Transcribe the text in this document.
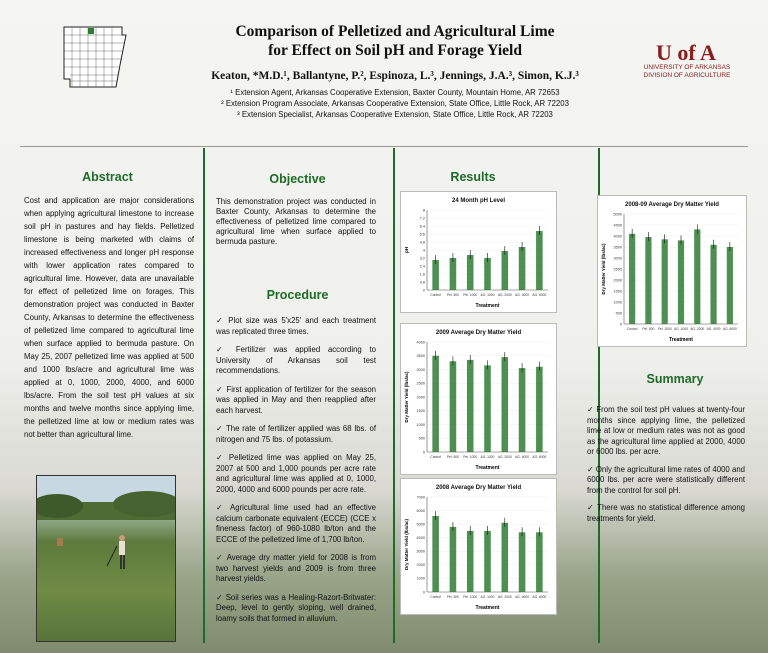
Comparison of Pelletized and Agricultural Lime
for Effect on Soil pH and Forage Yield
Keaton, *M.D.¹, Ballantyne, P.², Espinoza, L.³, Jennings, J.A.³, Simon, K.J.³
¹ Extension Agent, Arkansas Cooperative Extension, Baxter County, Mountain Home, AR 72653
² Extension Program Associate, Arkansas Cooperative Extension, State Office, Little Rock, AR 72203
³ Extension Specialist, Arkansas Cooperative Extension, State Office, Little Rock, AR 72203
U of A
UNIVERSITY OF ARKANSAS
DIVISION OF AGRICULTURE
Abstract
Cost and application are major considerations when applying agricultural limestone to increase soil pH in pastures and hay fields. Pelletized limestone is being marketed with claims of increased effectiveness and longer pH response with lower application rates compared to agricultural lime. However, data are unavailable for effect of pelletized lime on forages. This demonstration project was conducted in Baxter County, Arkansas to determine the effectiveness of pelletized lime compared to agricultural lime when surface applied to bermuda pasture. On May 25, 2007 pelletized lime was applied at 500 and 1000 lbs/acre and agricultural lime was applied at 0, 1000, 2000, 4000, and 6000 lbs/acre. From the soil test pH values at six months and twelve months since applying lime, the pelletized lime at low or medium rates was not better than agricultural lime.
Objective
This demonstration project was conducted in Baxter County, Arkansas to determine the effectiveness of pelletized lime compared to agricultural lime when surface applied to bermuda pasture.
Procedure

✓ Plot size was 5'x25' and each treatment was replicated three times.

✓ Fertilizer was applied according to University of Arkansas soil test recommendations.

✓ First application of fertilizer for the season was applied in May and then reapplied after each harvest.

✓ The rate of fertilizer applied was 68 lbs. of nitrogen and 75 lbs. of potassium.

✓ Pelletized lime was applied on May 25, 2007 at 500 and 1,000 pounds per acre rate and agricultural lime was applied at 0, 1000, 2000, 4000 and 6000 pounds per acre rate.

✓ Agricultural lime used had an effective calcium carbonate equivalent (ECCE) (CCE x fineness factor) of 960-1080 lb/ton and the ECCE of the pelletized lime of 1,700 lb/ton.

✓ Average dry matter yield for 2008 is from two harvest yields and 2009 is from three harvest yields.

✓ Soil series was a Healing-Razort-Britwater: Deep, level to gently sloping, well drained, loamy soils that formed in alluvium.

Results
24 Month pH Level
0
0.8
1.6
2.4
3.2
4
4.8
5.6
6.4
7.2
8
Control Pel. 500 Pel. 1000 AG. 1000 AG. 2000 AG. 4000 AG. 6000
Treatment
pH
2008-09 Average Dry Matter Yield
0
500
1000
1500
2000
2500
3000
3500
4000
4500
5000
Control Pel. 500 Pel. 1000 AG. 1000 AG. 2000 AG. 4000 AG. 6000
Treatment
Dry Matter Yield (lbs/ac)
2009 Average Dry Matter Yield
0
500
1000
1500
2000
2500
3000
3500
4000
Control Pel. 500 Pel. 1000 AG. 1000 AG. 2000 AG. 4000 AG. 6000
Treatment
Dry Matter Yield (lbs/ac)
2008 Average Dry Matter Yield
0
1000
2000
3000
4000
5000
6000
7000
Control Pel. 500 Pel. 1000 AG. 1000 AG. 2000 AG. 4000 AG. 6000
Treatment
Dry Matter Yield (lbs/ac)
Summary

✓ From the soil test pH values at twenty-four months since applying lime, the pelletized lime at low or medium rates was not as good as the agricultural lime applied at 2000, 4000 or 6000 lbs. per acre.

✓ Only the agricultural lime rates of 4000 and 6000 lbs. per acre were statistically different from the control for soil pH.

✓ There was no statistical difference among treatments for yield.
